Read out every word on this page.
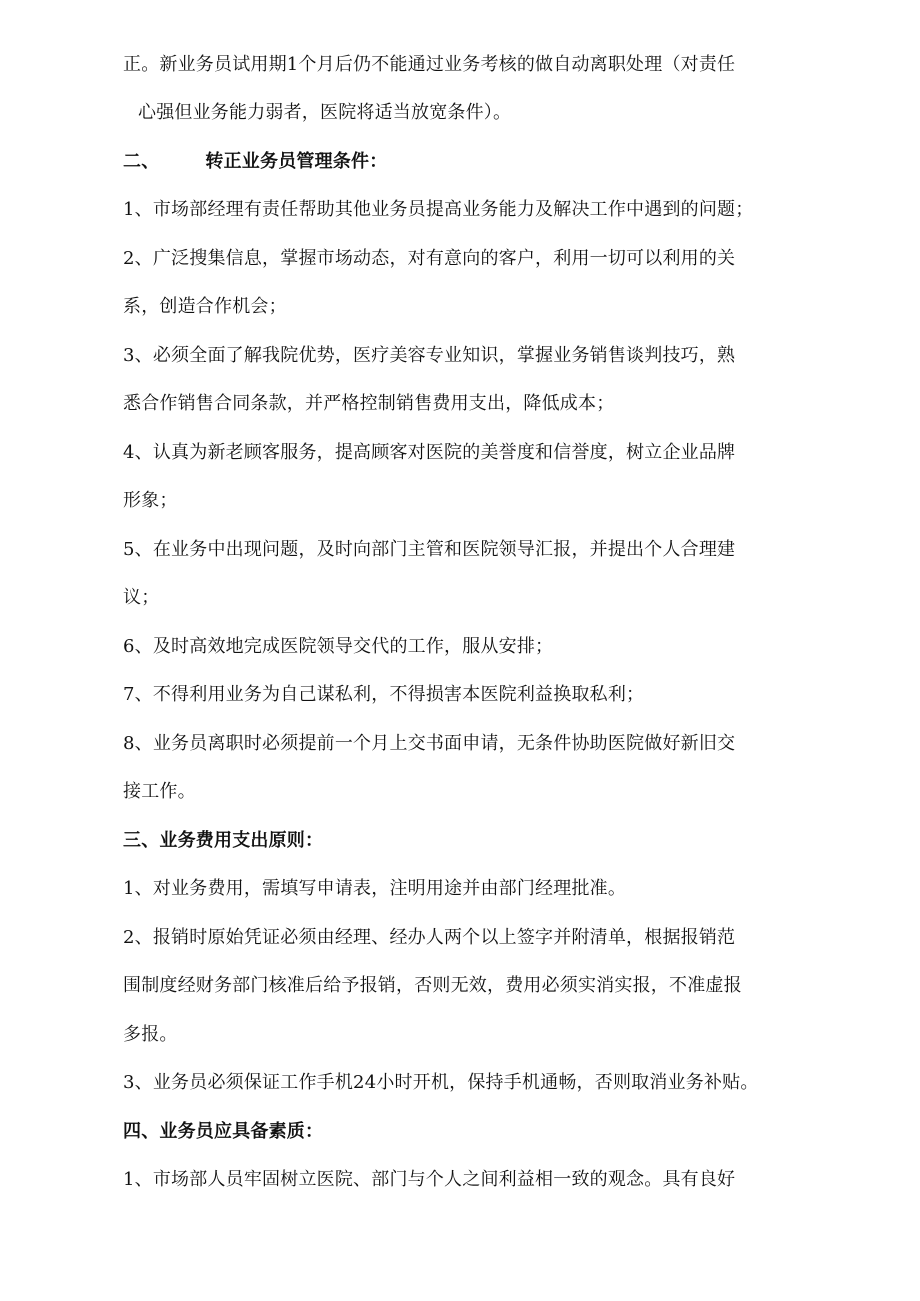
正。新业务员试用期1个月后仍不能通过业务考核的做自动离职处理（对责任
心强但业务能力弱者，医院将适当放宽条件）。
二、	转正业务员管理条件：
1、市场部经理有责任帮助其他业务员提高业务能力及解决工作中遇到的问题；
2、广泛搜集信息，掌握市场动态，对有意向的客户，利用一切可以利用的关
系，创造合作机会；
3、必须全面了解我院优势，医疗美容专业知识，掌握业务销售谈判技巧，熟
悉合作销售合同条款，并严格控制销售费用支出，降低成本；
4、认真为新老顾客服务，提高顾客对医院的美誉度和信誉度，树立企业品牌
形象；
5、在业务中出现问题，及时向部门主管和医院领导汇报，并提出个人合理建
议；
6、及时高效地完成医院领导交代的工作，服从安排；
7、不得利用业务为自己谋私利，不得损害本医院利益换取私利；
8、业务员离职时必须提前一个月上交书面申请，无条件协助医院做好新旧交
接工作。
三、业务费用支出原则：
1、对业务费用，需填写申请表，注明用途并由部门经理批准。
2、报销时原始凭证必须由经理、经办人两个以上签字并附清单，根据报销范
围制度经财务部门核准后给予报销，否则无效，费用必须实消实报，不准虚报
多报。
3、业务员必须保证工作手机24小时开机，保持手机通畅，否则取消业务补贴。
四、业务员应具备素质：
1、市场部人员牢固树立医院、部门与个人之间利益相一致的观念。具有良好
